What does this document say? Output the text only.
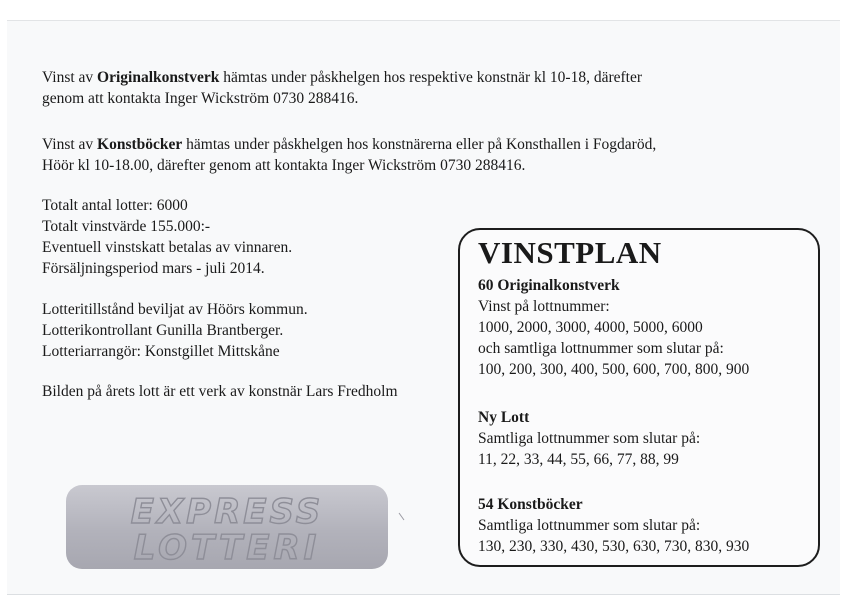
Vinst av Originalkonstverk hämtas under påskhelgen hos respektive konstnär kl 10-18, därefter
genom att kontakta Inger Wickström 0730 288416.

Vinst av Konstböcker hämtas under påskhelgen hos konstnärerna eller på Konsthallen i Fogdaröd,
Höör kl 10-18.00, därefter genom att kontakta Inger Wickström 0730 288416.

Totalt antal lotter: 6000
Totalt vinstvärde 155.000:-
Eventuell vinstskatt betalas av vinnaren.
Försäljningsperiod mars - juli 2014.

Lotteritillstånd beviljat av Höörs kommun.
Lotterikontrollant Gunilla Brantberger.
Lotteriarrangör: Konstgillet Mittskåne

Bilden på årets lott är ett verk av konstnär Lars Fredholm

VINSTPLAN

60 Originalkonstverk
Vinst på lottnummer:
1000, 2000, 3000, 4000, 5000, 6000
och samtliga lottnummer som slutar på:
100, 200, 300, 400, 500, 600, 700, 800, 900

Ny Lott
Samtliga lottnummer som slutar på:
11, 22, 33, 44, 55, 66, 77, 88, 99

54 Konstböcker
Samtliga lottnummer som slutar på:
130, 230, 330, 430, 530, 630, 730, 830, 930

EXPRESS
LOTTERI
